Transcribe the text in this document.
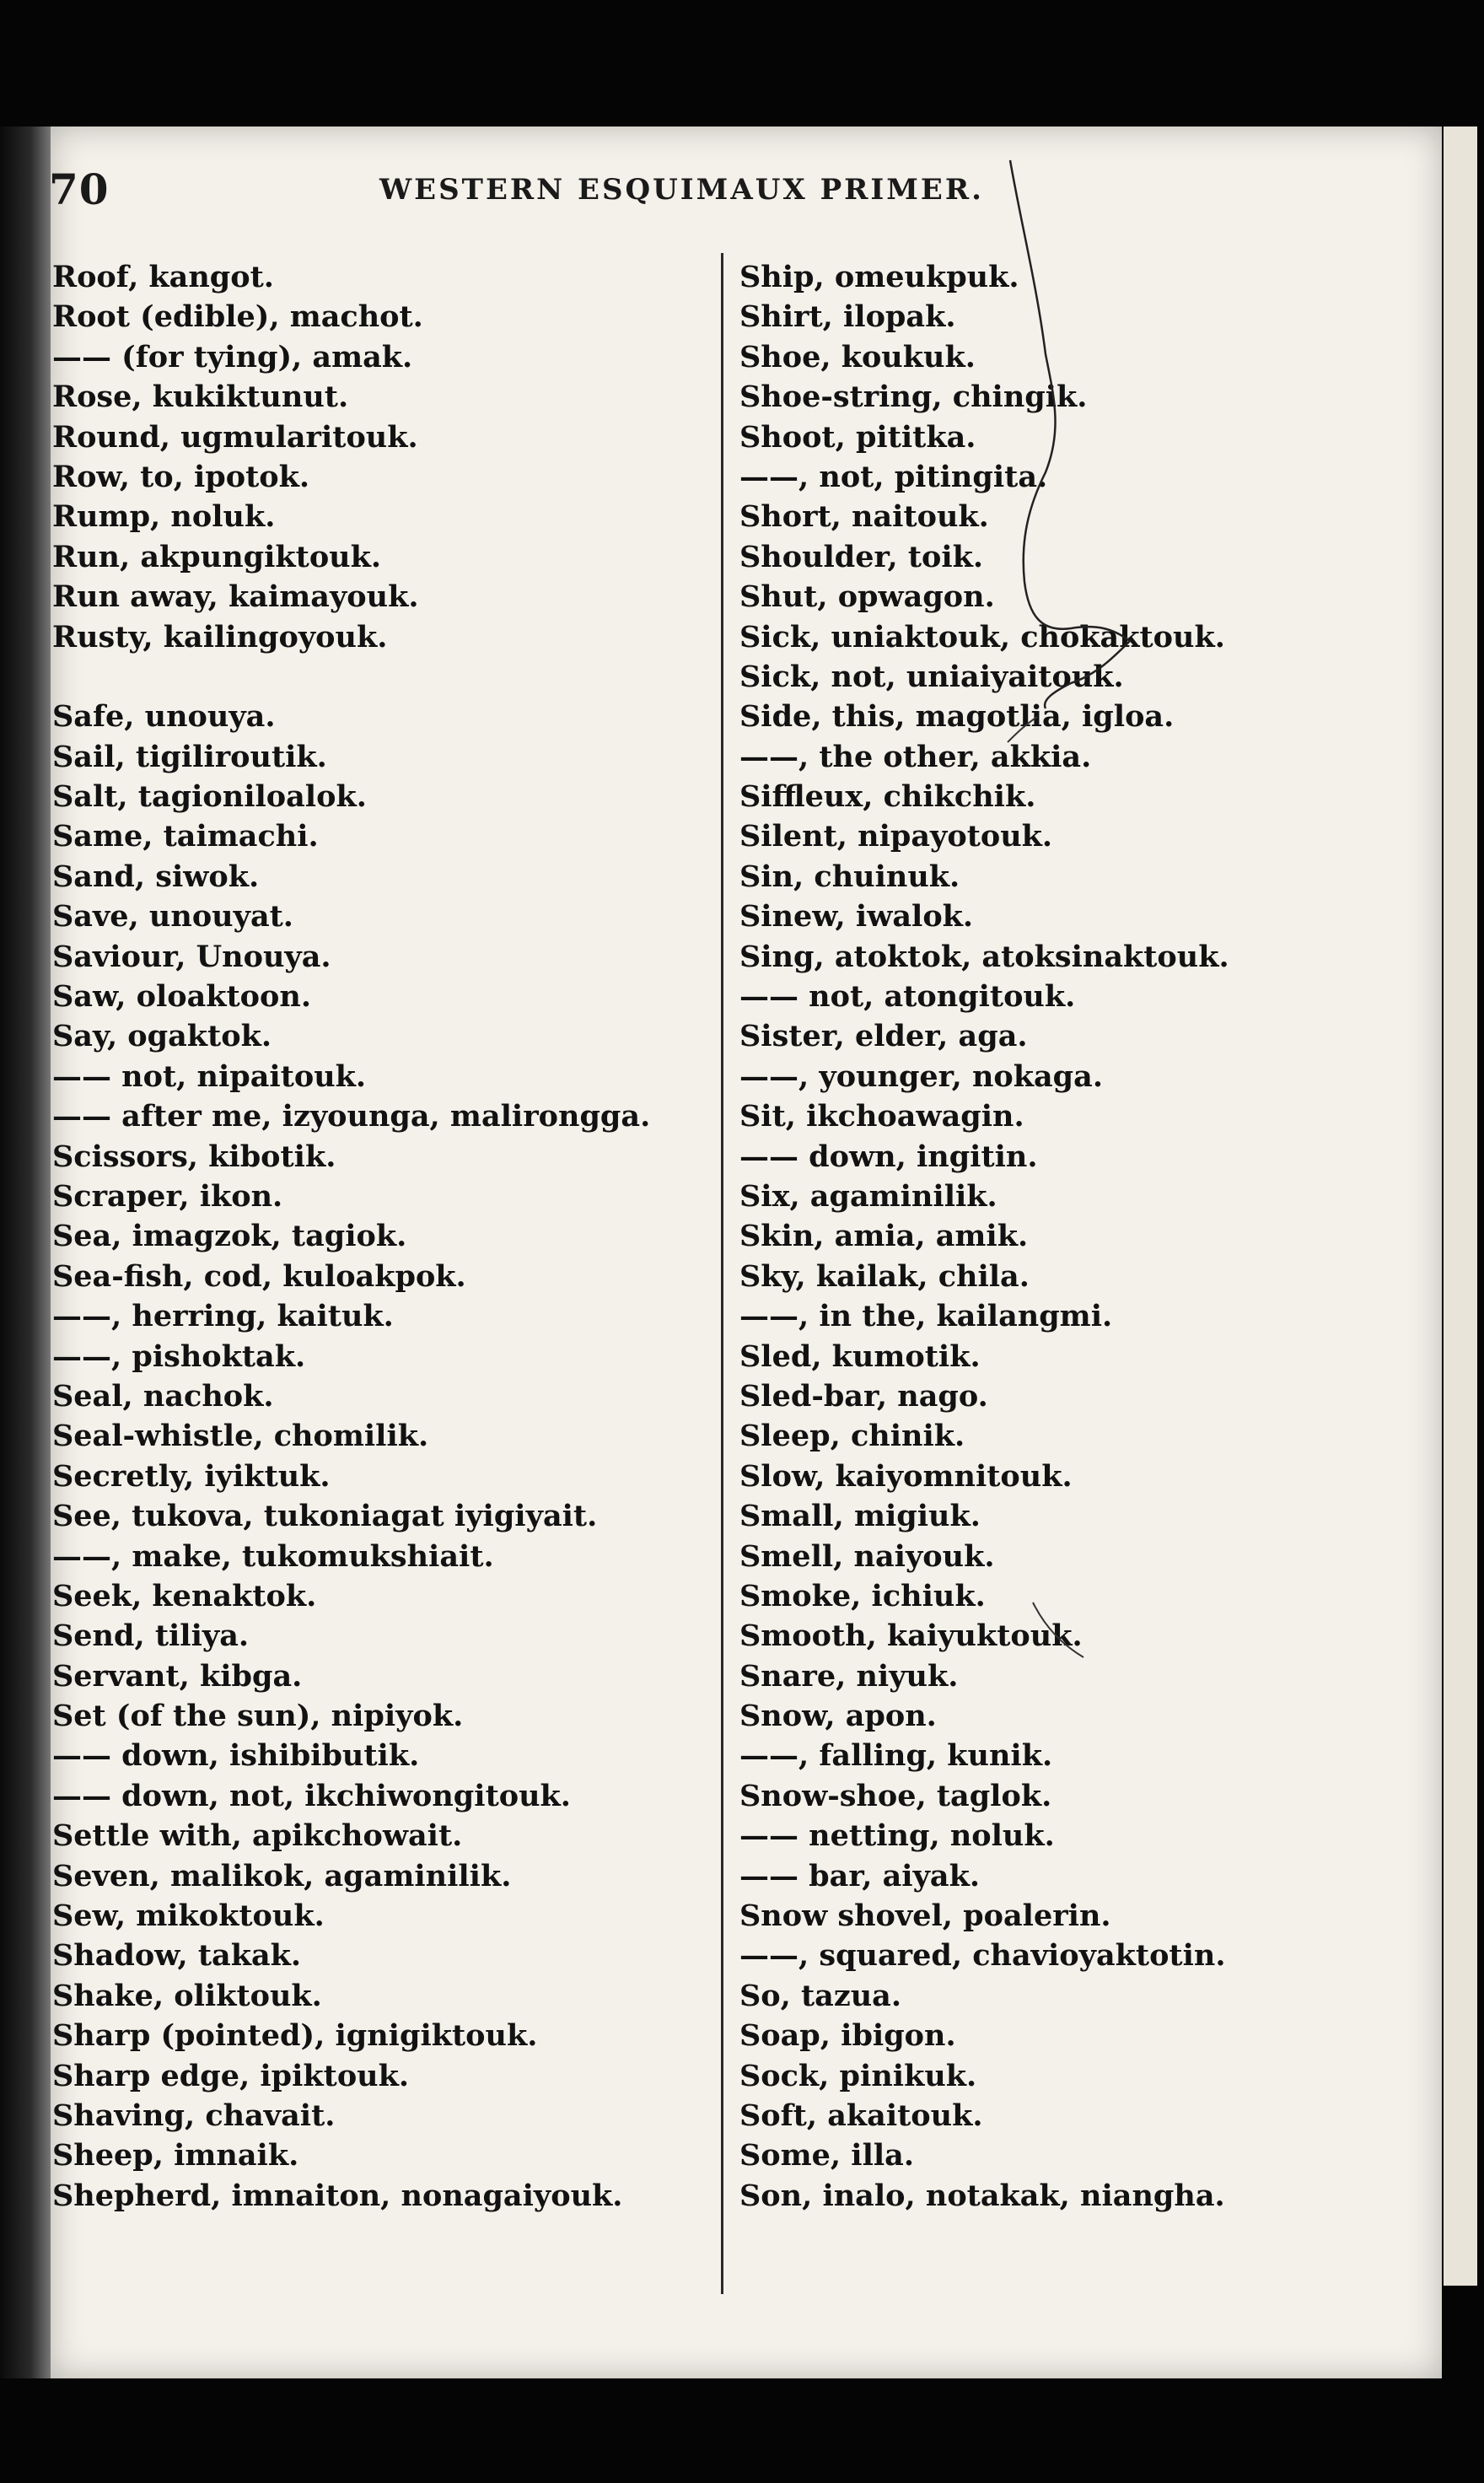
70	WESTERN ESQUIMAUX PRIMER.
Roof, kangot.
Root (edible), machot.
—— (for tying), amak.
Rose, kukiktunut.
Round, ugmularitouk.
Row, to, ipotok.
Rump, noluk.
Run, akpungiktouk.
Run away, kaimayouk.
Rusty, kailingoyouk.
Safe, unouya.
Sail, tigiliroutik.
Salt, tagioniloalok.
Same, taimachi.
Sand, siwok.
Save, unouyat.
Saviour, Unouya.
Saw, oloaktoon.
Say, ogaktok.
—— not, nipaitouk.
—— after me, izyounga, malirongga.
Scissors, kibotik.
Scraper, ikon.
Sea, imagzok, tagiok.
Sea-fish, cod, kuloakpok.
——, herring, kaituk.
——, pishoktak.
Seal, nachok.
Seal-whistle, chomilik.
Secretly, iyiktuk.
See, tukova, tukoniagat iyigiyait.
——, make, tukomukshiait.
Seek, kenaktok.
Send, tiliya.
Servant, kibga.
Set (of the sun), nipiyok.
—— down, ishibibutik.
—— down, not, ikchiwongitouk.
Settle with, apikchowait.
Seven, malikok, agaminilik.
Sew, mikoktouk.
Shadow, takak.
Shake, oliktouk.
Sharp (pointed), ignigiktouk.
Sharp edge, ipiktouk.
Shaving, chavait.
Sheep, imnaik.
Shepherd, imnaiton, nonagaiyouk.
Ship, omeukpuk.
Shirt, ilopak.
Shoe, koukuk.
Shoe-string, chingik.
Shoot, pititka.
——, not, pitingita.
Short, naitouk.
Shoulder, toik.
Shut, opwagon.
Sick, uniaktouk, chokaktouk.
Sick, not, uniaiyaitouk.
Side, this, magotlia, igloa.
——, the other, akkia.
Siffleux, chikchik.
Silent, nipayotouk.
Sin, chuinuk.
Sinew, iwalok.
Sing, atoktok, atoksinaktouk.
—— not, atongitouk.
Sister, elder, aga.
——, younger, nokaga.
Sit, ikchoawagin.
—— down, ingitin.
Six, agaminilik.
Skin, amia, amik.
Sky, kailak, chila.
——, in the, kailangmi.
Sled, kumotik.
Sled-bar, nago.
Sleep, chinik.
Slow, kaiyomnitouk.
Small, migiuk.
Smell, naiyouk.
Smoke, ichiuk.
Smooth, kaiyuktouk.
Snare, niyuk.
Snow, apon.
——, falling, kunik.
Snow-shoe, taglok.
—— netting, noluk.
—— bar, aiyak.
Snow shovel, poalerin.
——, squared, chavioyaktotin.
So, tazua.
Soap, ibigon.
Sock, pinikuk.
Soft, akaitouk.
Some, illa.
Son, inalo, notakak, niangha.
